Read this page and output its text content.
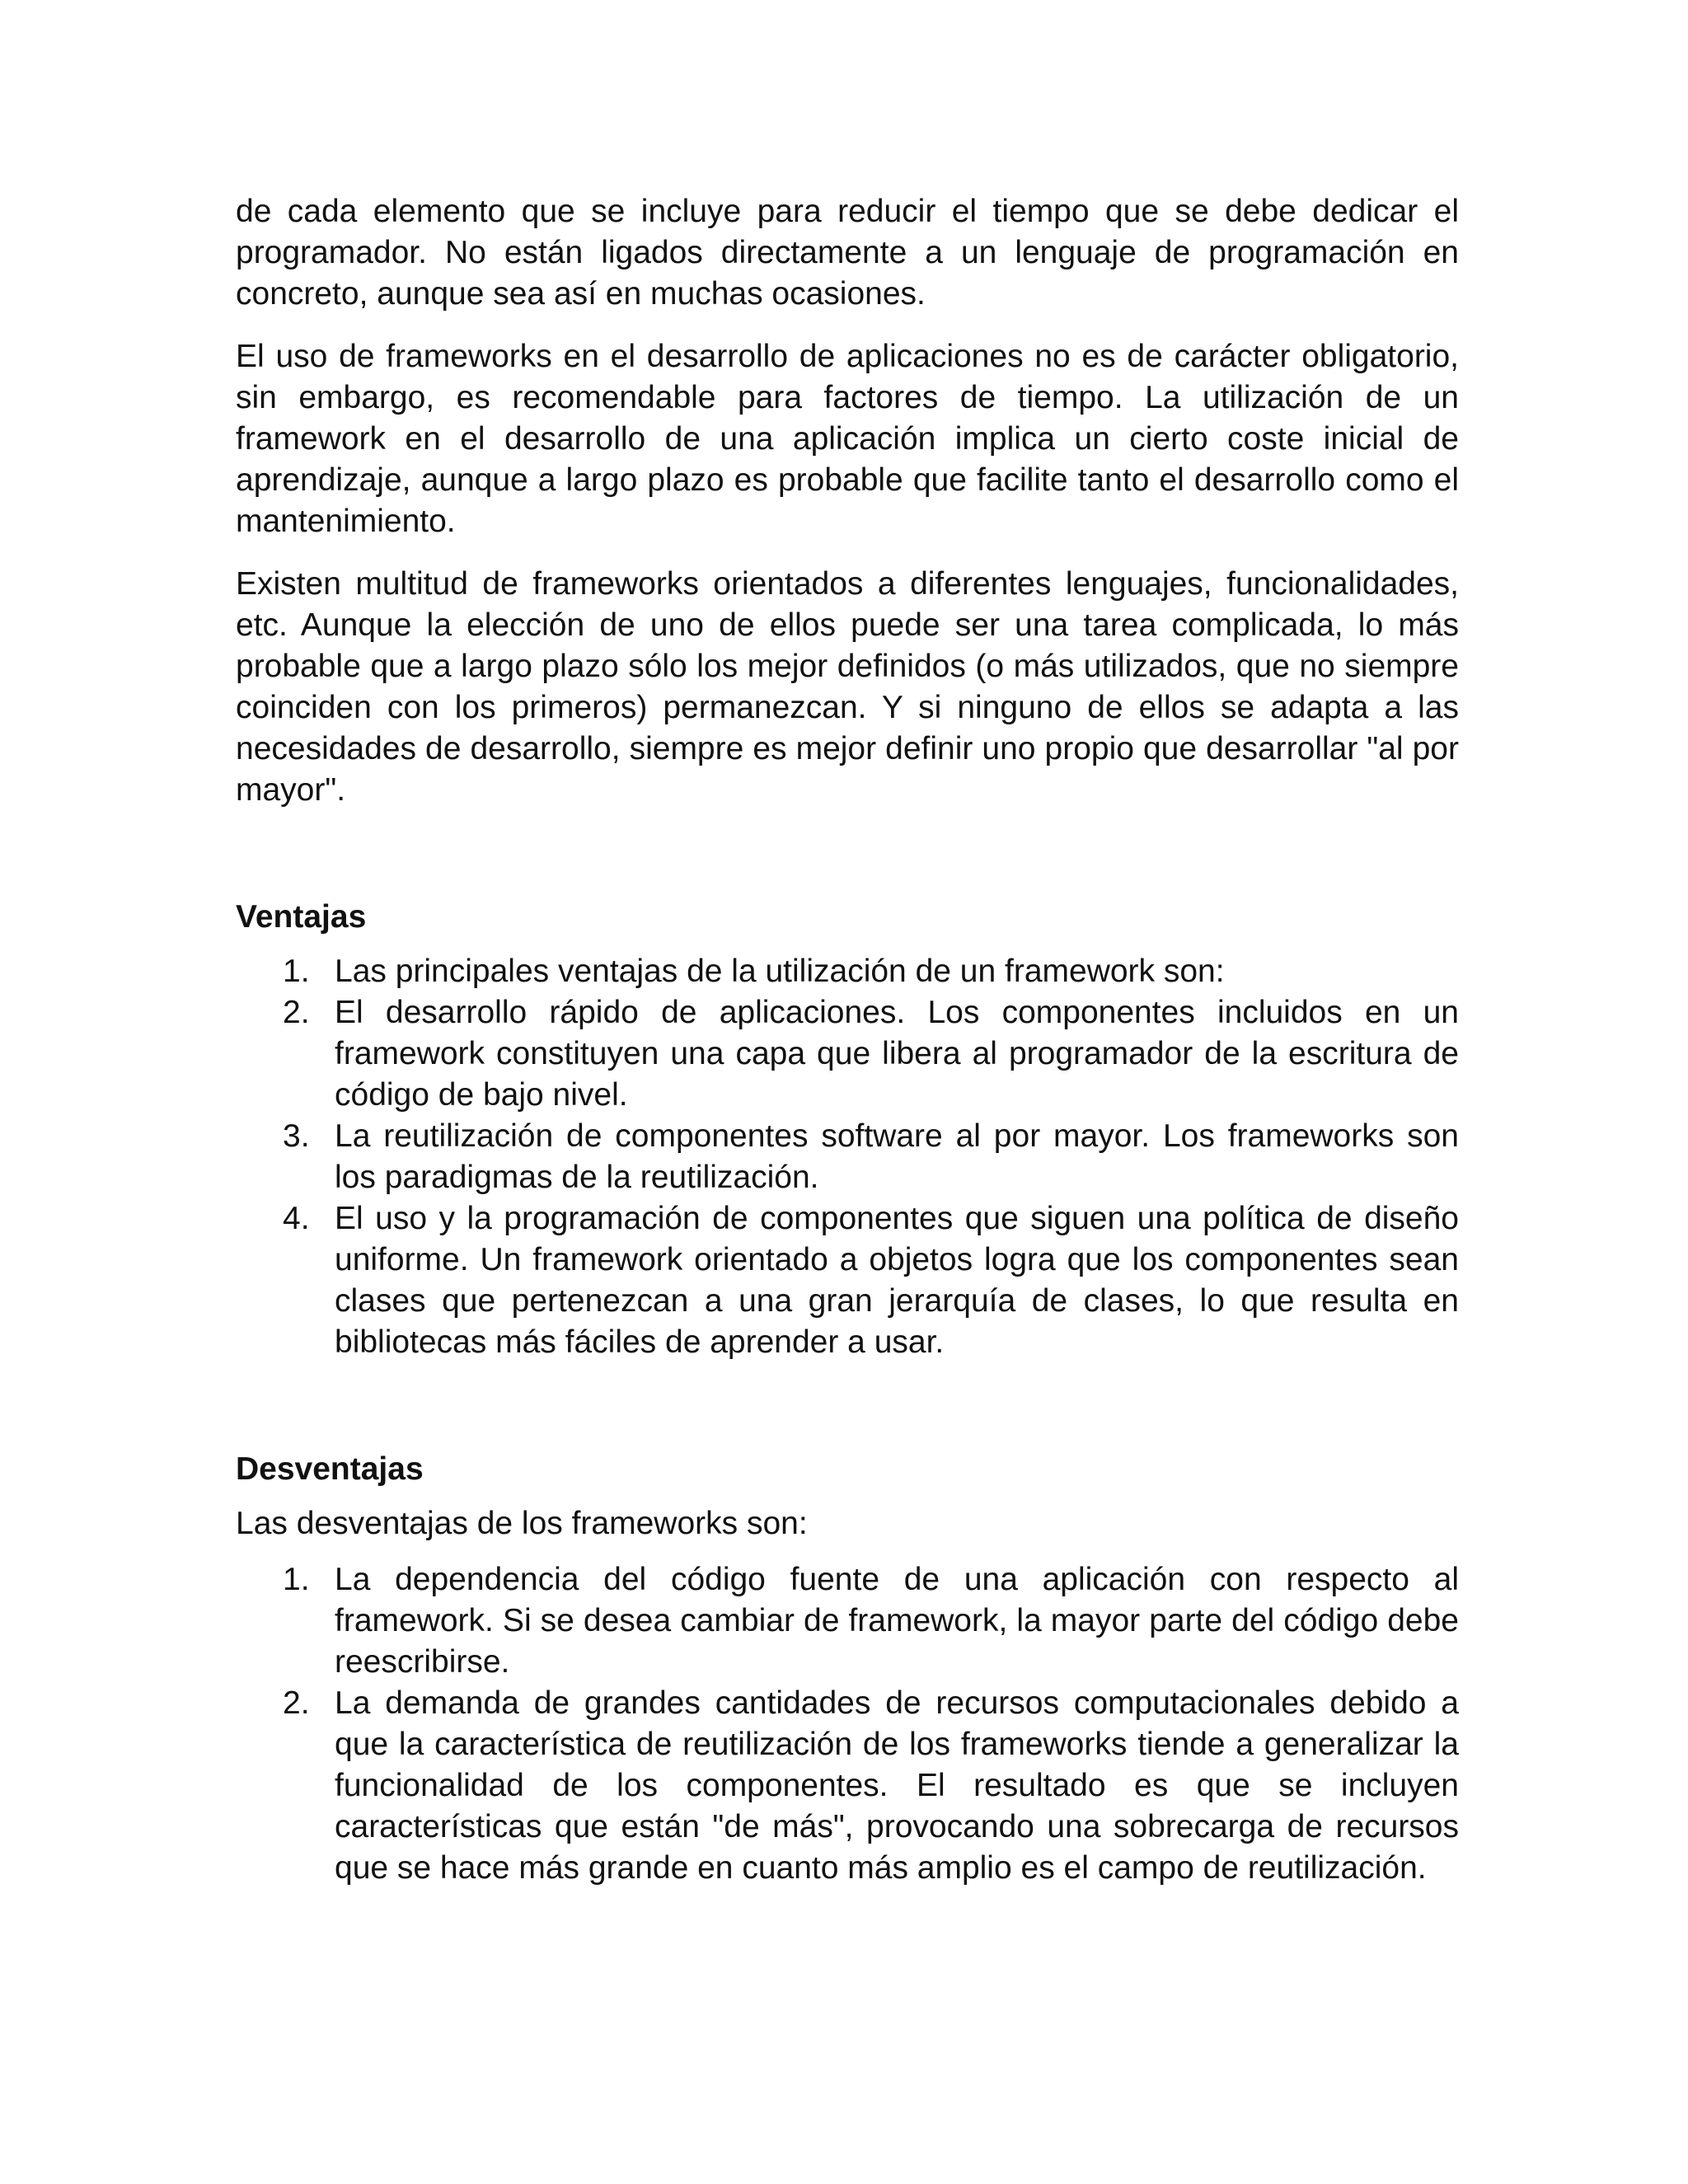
de cada elemento que se incluye para reducir el tiempo que se debe dedicar el programador. No están ligados directamente a un lenguaje de programación en concreto, aunque sea así en muchas ocasiones.

El uso de frameworks en el desarrollo de aplicaciones no es de carácter obligatorio, sin embargo, es recomendable para factores de tiempo. La utilización de un framework en el desarrollo de una aplicación implica un cierto coste inicial de aprendizaje, aunque a largo plazo es probable que facilite tanto el desarrollo como el mantenimiento.

Existen multitud de frameworks orientados a diferentes lenguajes, funcionalidades, etc. Aunque la elección de uno de ellos puede ser una tarea complicada, lo más probable que a largo plazo sólo los mejor definidos (o más utilizados, que no siempre coinciden con los primeros) permanezcan. Y si ninguno de ellos se adapta a las necesidades de desarrollo, siempre es mejor definir uno propio que desarrollar "al por mayor".

Ventajas
1. Las principales ventajas de la utilización de un framework son:
2. El desarrollo rápido de aplicaciones. Los componentes incluidos en un framework constituyen una capa que libera al programador de la escritura de código de bajo nivel.
3. La reutilización de componentes software al por mayor. Los frameworks son los paradigmas de la reutilización.
4. El uso y la programación de componentes que siguen una política de diseño uniforme. Un framework orientado a objetos logra que los componentes sean clases que pertenezcan a una gran jerarquía de clases, lo que resulta en bibliotecas más fáciles de aprender a usar.
Desventajas

Las desventajas de los frameworks son:

1. La dependencia del código fuente de una aplicación con respecto al framework. Si se desea cambiar de framework, la mayor parte del código debe reescribirse.
2. La demanda de grandes cantidades de recursos computacionales debido a que la característica de reutilización de los frameworks tiende a generalizar la funcionalidad de los componentes. El resultado es que se incluyen características que están "de más", provocando una sobrecarga de recursos que se hace más grande en cuanto más amplio es el campo de reutilización.
